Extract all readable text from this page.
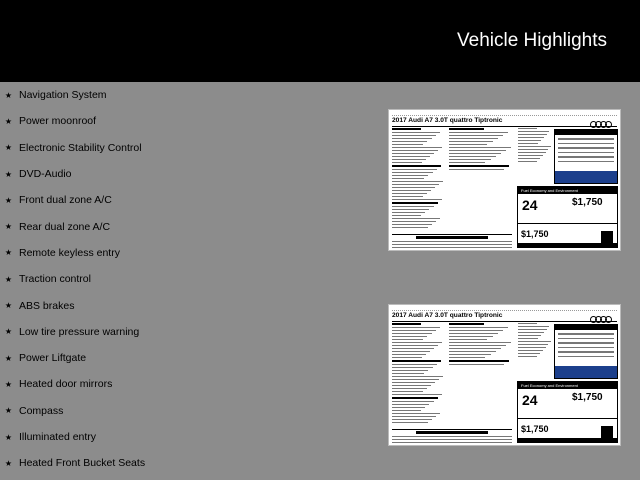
Vehicle Highlights
★ Navigation System
★ Power moonroof
★ Electronic Stability Control
★ DVD-Audio
★ Front dual zone A/C
★ Rear dual zone A/C
★ Remote keyless entry
★ Traction control
★ ABS brakes
★ Low tire pressure warning
★ Power Liftgate
★ Heated door mirrors
★ Compass
★ Illuminated entry
★ Heated Front Bucket Seats
2017 Audi A7 3.0T quattro Tiptronic
Fuel Economy and Environment
24	$1,750
$1,750
2017 Audi A7 3.0T quattro Tiptronic
Fuel Economy and Environment
24	$1,750
$1,750
